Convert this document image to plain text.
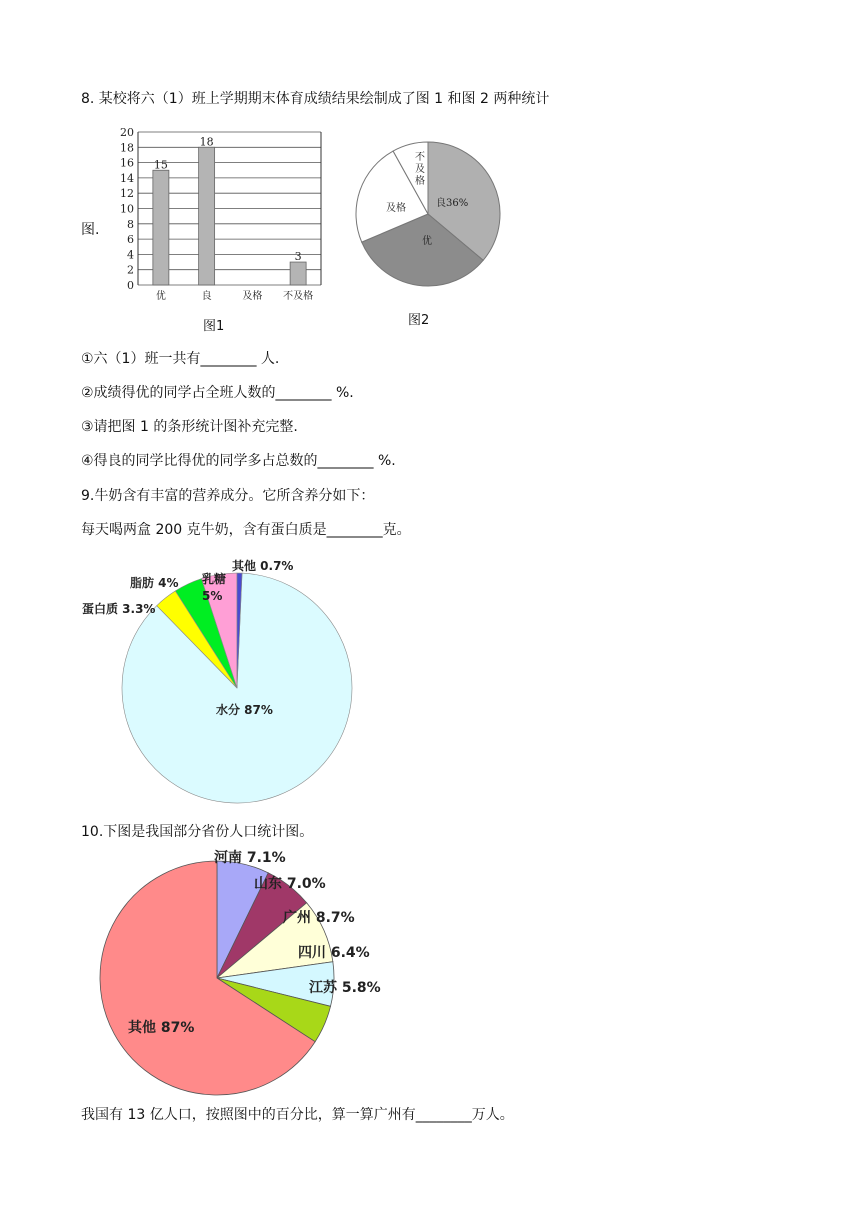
8. 某校将六（1）班上学期期末体育成绩结果绘制成了图 1 和图 2 两种统计
图.
0
2
4
6
8
10
12
14
16
18
20
15
18
3
优	良	及格 不及格
图1
良36%
优
及格
不
及
格
图2
①六（1）班一共有________ 人.
②成绩得优的同学占全班人数的________ %.
③请把图 1 的条形统计图补充完整.
④得良的同学比得优的同学多占总数的________ %.
9.牛奶含有丰富的营养成分。它所含养分如下：
每天喝两盒 200 克牛奶，含有蛋白质是________克。
水分 87%
蛋白质 3.3%
脂肪 4% 乳糖
5%
其他 0.7%
10.下图是我国部分省份人口统计图。
河南 7.1%
山东 7.0%
广州 8.7%
四川 6.4%
江苏 5.8%
其他 87%
我国有 13 亿人口，按照图中的百分比，算一算广州有________万人。
